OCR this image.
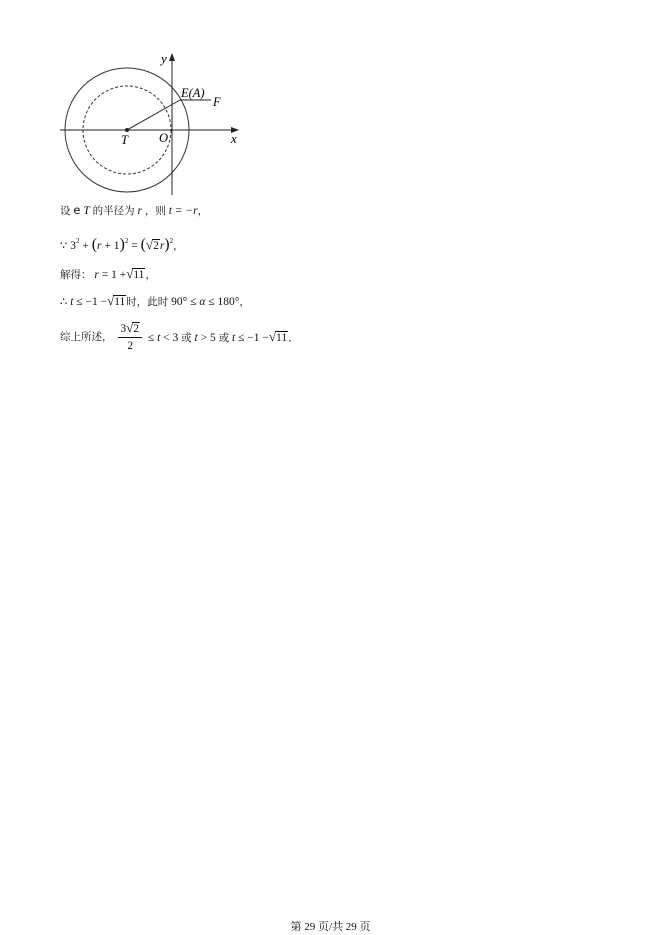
y
x
E(A)
F
T O
设 e T 的半径为 r ，则 t = −r，
∵ $3^2 + (r + 1)^2 = (√2r)^2$，
解得： r = 1 +√11，
∴ t ≤ −1 −√11时，此时 90° ≤ α ≤ 180°，
综上所述， $\frac{3√2}{2} \le t < 3$ 或 t > 5 或 t ≤ −1 −√11．
第 29 页/共 29 页
